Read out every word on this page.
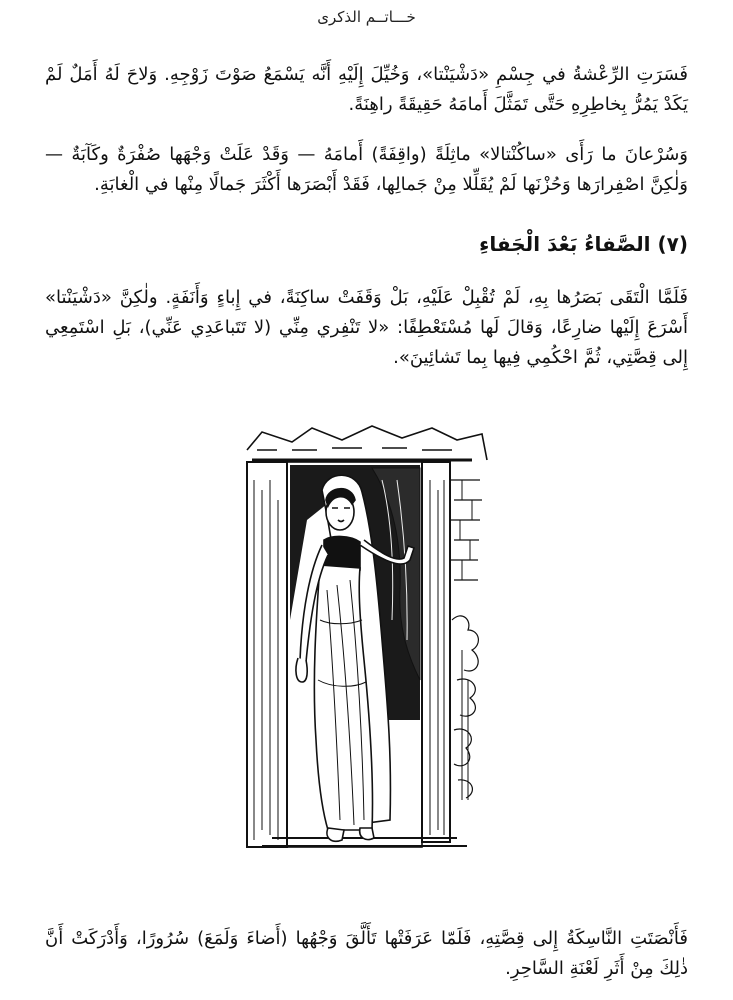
خـــاتــم الذكرى

فَسَرَتِ الرِّعْشةُ في جِسْمِ «دَشْيَنْتا»، وَخُيِّلَ إِلَيْهِ أَنَّه يَسْمَعُ صَوْتَ زَوْجِهِ. وَلاحَ لَهُ أَمَلٌ لَمْ يَكَدْ يَمُرُّ بِخاطِرِهِ حَتَّى تَمَثَّلَ أَمامَهُ حَقِيقَةً راهِنَةً.

وَسُرْعانَ ما رَأَى «ساكُنْتالا» ماثِلَةً (واقِفَةً) أَمامَهُ — وَقَدْ عَلَتْ وَجْهَها صُفْرَةٌ وكَآبَةٌ — وَلٰكِنَّ اصْفِرارَها وَحُزْنَها لَمْ يُقَلِّلا مِنْ جَمالِها، فَقَدْ أَبْصَرَها أَكْثَرَ جَمالًا مِنْها في الْغابَةِ.

(٧) الصَّفاءُ بَعْدَ الْجَفاءِ

فَلَمَّا الْتَقَى بَصَرُها بِهِ، لَمْ تُقْبِلْ عَلَيْهِ، بَلْ وَقَفَتْ ساكِنَةً، في إِباءٍ وَأَنَفَةٍ. ولٰكِنَّ «دَشْيَنْتا» أَسْرَعَ إِلَيْها ضارِعًا، وَقالَ لَها مُسْتَعْطِفًا: «لا تَنْفِري مِنِّي (لا تَتَباعَدِي عَنِّي)، بَلِ اسْتَمِعِي إِلى قِصَّتِي، ثُمَّ احْكُمِي فِيها بِما تَشائِينَ».

فَأَنْصَتَتِ النَّاسِكَةُ إِلى قِصَّتِهِ، فَلَمّا عَرَفَتْها تَأَلَّقَ وَجْهُها (أَضاءَ وَلَمَعَ) سُرُورًا، وَأَدْرَكَتْ أَنَّ ذٰلِكَ مِنْ أَثَرِ لَعْنَةِ السَّاحِرِ.
